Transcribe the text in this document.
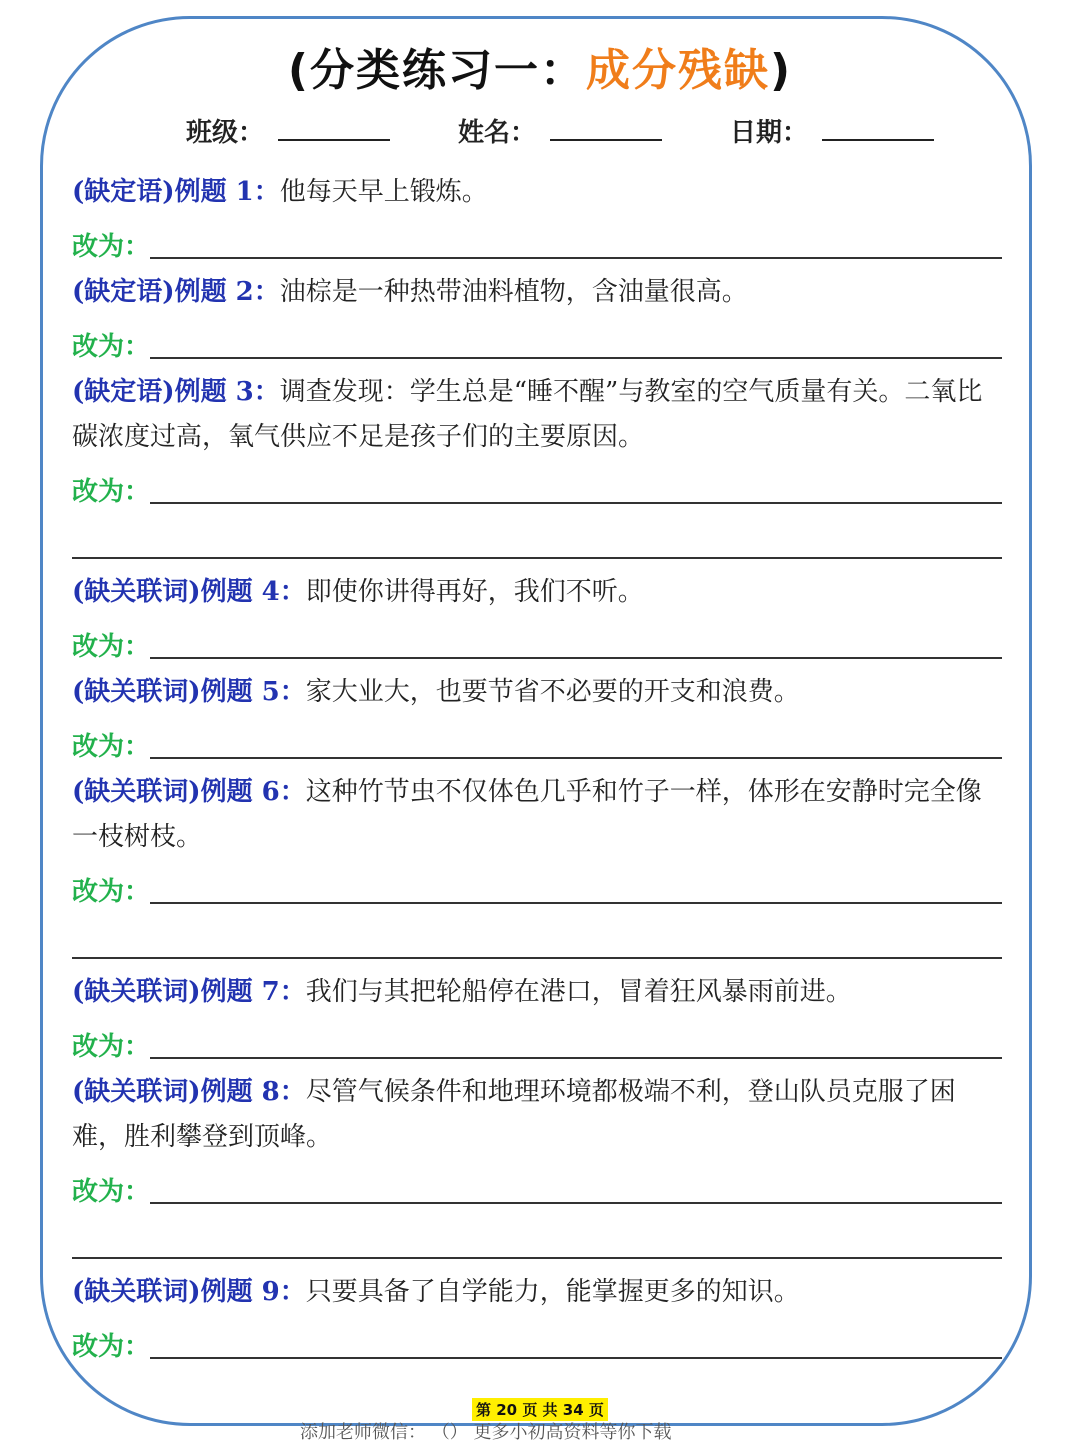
(分类练习一：成分残缺)
班级：	姓名：	日期：
(缺定语)例题 1：他每天早上锻炼。
改为：
(缺定语)例题 2：油棕是一种热带油料植物，含油量很高。
改为：
(缺定语)例题 3：调查发现：学生总是“睡不醒”与教室的空气质量有关。二氧比碳浓度过高，氧气供应不足是孩子们的主要原因。
改为：
(缺关联词)例题 4：即使你讲得再好，我们不听。
改为：
(缺关联词)例题 5：家大业大，也要节省不必要的开支和浪费。
改为：
(缺关联词)例题 6：这种竹节虫不仅体色几乎和竹子一样，体形在安静时完全像一枝树枝。
改为：
(缺关联词)例题 7：我们与其把轮船停在港口，冒着狂风暴雨前进。
改为：
(缺关联词)例题 8：尽管气候条件和地理环境都极端不利，登山队员克服了困难，胜利攀登到顶峰。
改为：
(缺关联词)例题 9：只要具备了自学能力，能掌握更多的知识。
改为：
添加老师微信： （） 更多小初高资料等你下载
第 20 页 共 34 页
